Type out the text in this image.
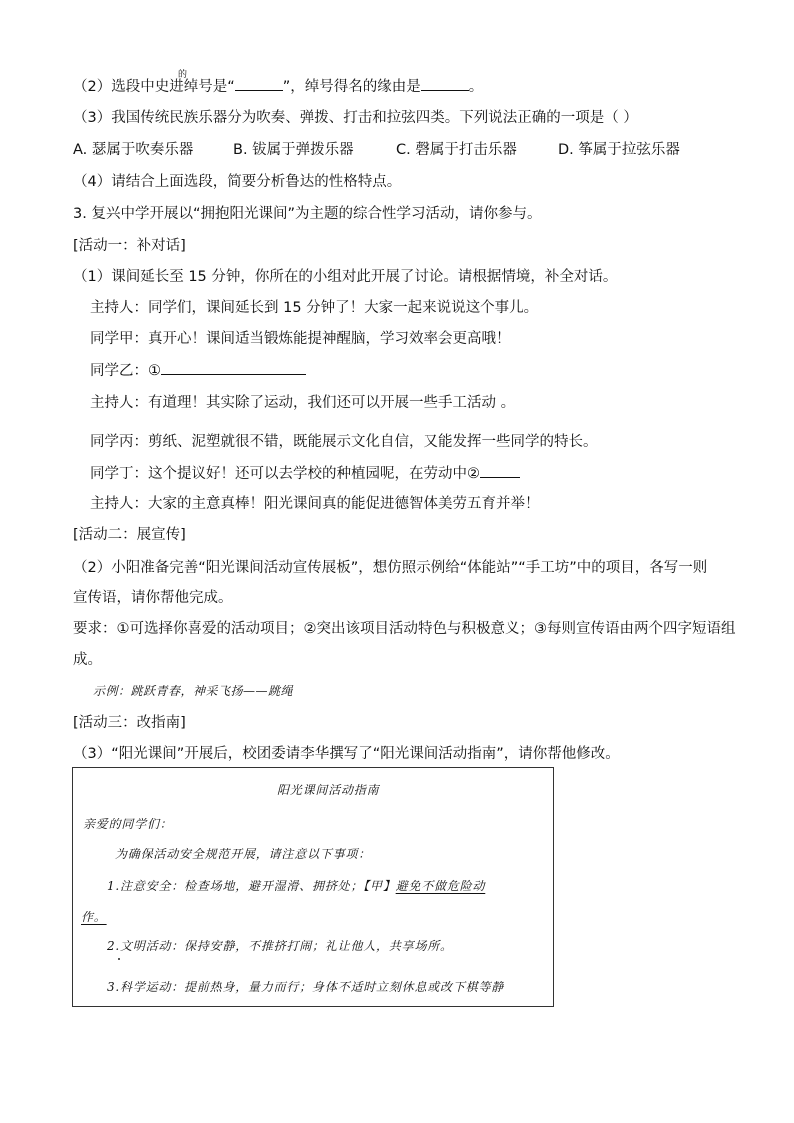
（2）选段中史进绰号是“	”，绰号得名的缘由是	。
的
（3）我国传统民族乐器分为吹奏、弹拨、打击和拉弦四类。下列说法正确的一项是（ ）
A. 瑟属于吹奏乐器	B. 钹属于弹拨乐器	C. 磬属于打击乐器	D. 筝属于拉弦乐器
（4）请结合上面选段，简要分析鲁达的性格特点。
3. 复兴中学开展以“拥抱阳光课间”为主题的综合性学习活动，请你参与。
[活动一：补对话]
（1）课间延长至 15 分钟，你所在的小组对此开展了讨论。请根据情境，补全对话。
主持人：同学们，课间延长到 15 分钟了！大家一起来说说这个事儿。
同学甲：真开心！课间适当锻炼能提神醒脑，学习效率会更高哦！
同学乙：①
主持人：有道理！其实除了运动，我们还可以开展一些手工活动 。
同学丙：剪纸、泥塑就很不错，既能展示文化自信，又能发挥一些同学的特长。
同学丁：这个提议好！还可以去学校的种植园呢，在劳动中②
主持人：大家的主意真棒！阳光课间真的能促进德智体美劳五育并举！
[活动二：展宣传]
（2）小阳准备完善“阳光课间活动宣传展板”，想仿照示例给“体能站”“手工坊”中的项目，各写一则
宣传语，请你帮他完成。
要求：①可选择你喜爱的活动项目；②突出该项目活动特色与积极意义；③每则宣传语由两个四字短语组
成。
示例：跳跃青春，神采飞扬——跳绳
[活动三：改指南]
（3）“阳光课间”开展后，校团委请李华撰写了“阳光课间活动指南”，请你帮他修改。
阳光课间活动指南
亲爱的同学们：
为确保活动安全规范开展，请注意以下事项：
1.注意安全：检查场地，避开湿滑、拥挤处；【甲】避免不做危险动
作。
2.文明活动：保持安静，不推挤打闹；礼让他人，共享场所。
3.科学运动：提前热身，量力而行；身体不适时立刻休息或改下棋等静
